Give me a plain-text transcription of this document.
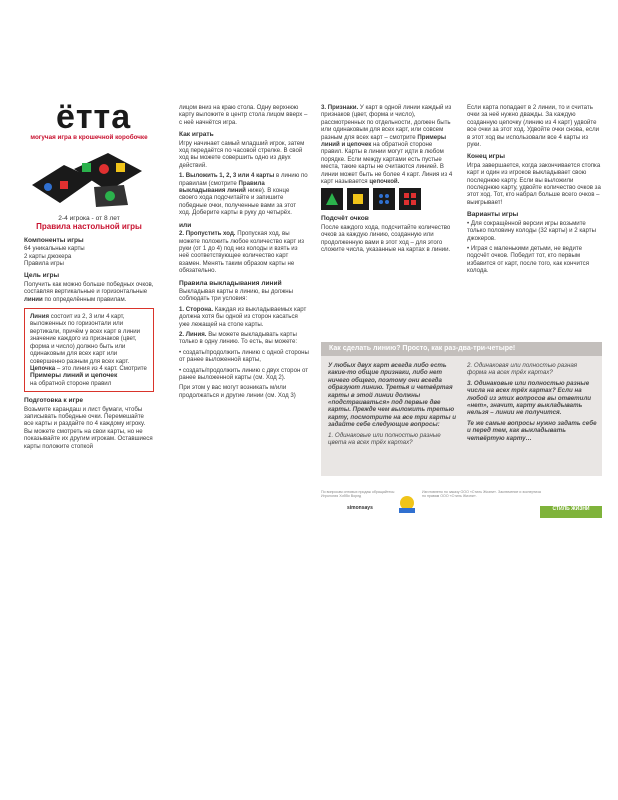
ётта
могучая игра в крошечной коробочке

2-4 игрока - от 8 лет

Правила настольной игры

Компоненты игры

64 уникальные карты

2 карты джокера

Правила игры

Цель игры

Получить как можно больше победных очков, составляя вертикальные и горизонтальные линии по определённым правилам.

Линия состоит из 2, 3 или 4 карт, выложенных по горизонтали или вертикали, причём у всех карт в линии значение каждого из признаков (цвет, форма и число) должно быть или одинаковым для всех карт или совершенно разным для всех карт. Цепочка – это линия из 4 карт. Смотрите

Примеры линий и цепочек

на обратной стороне правил

Подготовка к игре

Возьмите карандаш и лист бумаги, чтобы записывать победные очки. Перемешайте все карты и раздайте по 4 каждому игроку. Вы можете смотреть на свои карты, но не показывайте их другим игрокам. Оставшиеся карты положите стопкой

лицом вниз на краю стола. Одну верхнюю карту выложите в центр стола лицом вверх – с неё начнётся игра.

Как играть

Игру начинает самый младший игрок, затем ход передаётся по часовой стрелке. В свой ход вы можете совершить одно из двух действий.

1. Выложить 1, 2, 3 или 4 карты в линию по правилам (смотрите Правила выкладывания линий ниже). В конце своего хода подсчитайте и запишите победные очки, полученные вами за этот ход. Доберите карты в руку до четырёх.

или

2. Пропустить ход. Пропуская ход, вы можете положить любое количество карт из руки (от 1 до 4) под низ колоды и взять из неё соответствующее количество карт взамен. Менять таким образом карты не обязательно.

Правила выкладывания линий

Выкладывая карты в линию, вы должны соблюдать три условия:

1. Сторона. Каждая из выкладываемых карт должна хотя бы одной из сторон касаться уже лежащей на столе карты.

2. Линия. Вы можете выкладывать карты только в одну линию. То есть, вы можете:

• создать/продолжить линию с одной стороны от ранее выложенной карты,

• создать/продолжить линию с двух сторон от ранее выложенной карты (см. Ход 2).

При этом у вас могут возникать м/или продолжаться и другие линии (см. Ход 3)

3. Признаки. У карт в одной линии каждый из признаков (цвет, форма и число), рассмотренных по отдельности, должен быть или одинаковым для всех карт, или совсем разным для всех карт – смотрите Примеры линий и цепочек на обратной стороне правил. Карты в линии могут идти в любом порядке. Если между картами есть пустые места, такие карты не считаются линией. В линии может быть не более 4 карт. Линия из 4 карт называется цепочкой.

Подсчёт очков

После каждого хода, подсчитайте количество очков за каждую линию, созданную или продолженную вами в этот ход – для этого сложите числа, указанные на картах в линии.

Если карта попадает в 2 линии, то и считать очки за неё нужно дважды. За каждую созданную цепочку (линию из 4 карт) удвойте все очки за этот ход. Удвойте очки снова, если в этот ход вы использовали все 4 карты из руки.

Конец игры

Игра завершается, когда закончивается стопка карт и один из игроков выкладывает свою последнюю карту. Если вы выложили последнюю карту, удвойте количество очков за этот ход. Тот, кто набрал больше всего очков – выигрывает!

Варианты игры

• Для сокращённой версии игры возьмите только половину колоды (32 карты) и 2 карты джокеров.

• Играя с маленькими детьми, не ведите подсчёт очков. Победит тот, кто первым избавится от карт, после того, как кончится колода.

Как сделать линию? Просто, как раз-два-три-четыре!

У любых двух карт всегда либо есть какие-то общие признаки, либо нет ничего общего, поэтому они всегда образуют линию. Третья и четвёртая карты в этой линии должны «подстраиваться» под первые две карты. Прежде чем выложить третью карту, посмотрите на все три карты и задайте себе следующие вопросы:

1. Одинаковые или полностью разные цвета на всех трёх картах?

2. Одинаковая или полностью разная форма на всех трёх картах?

3. Одинаковые или полностью разные числа на всех трёх картах? Если на любой из этих вопросов вы ответили «нет», значит, карту выкладывать нельзя – линии не получится.

Те же самые вопросы нужно задать себе и перед тем, как выкладывать четвёртую карту…

По вопросам оптовых продаж обращайтесь: Игрология Хобби Ворлд
simonsays
Изготовлено по заказу ООО «Стиль Жизни». Заключение и экспертиза по правам ООО «Стиль Жизни».
СТИЛЬ ЖИЗНИ
